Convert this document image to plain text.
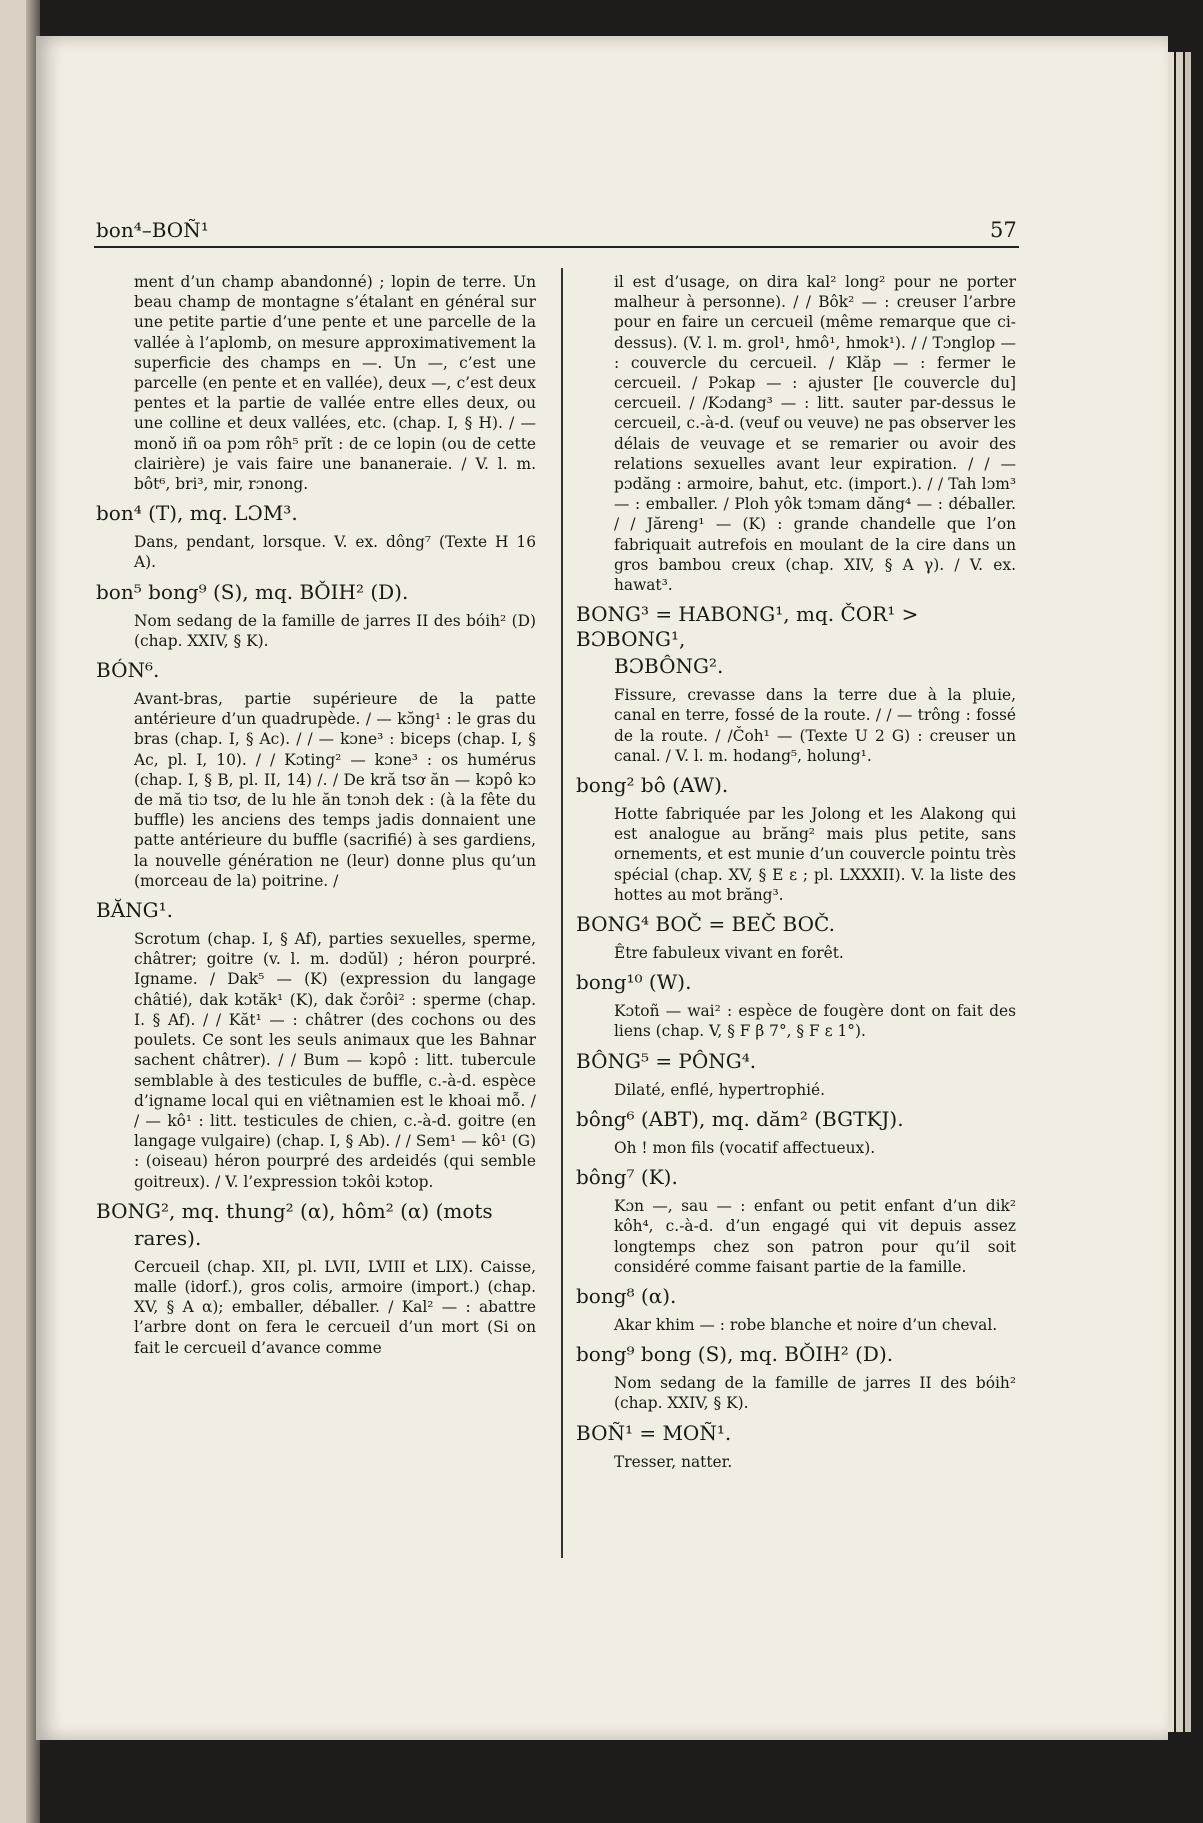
bon⁴–BOÑ¹	57

ment d’un champ abandonné) ; lopin de terre. Un beau champ de montagne s’étalant en général sur une petite partie d’une pente et une parcelle de la vallée à l’aplomb, on mesure approximativement la superficie des champs en —. Un —, c’est une parcelle (en pente et en vallée), deux —, c’est deux pentes et la partie de vallée entre elles deux, ou une colline et deux vallées, etc. (chap. I, § H). / — monǒ iñ oa pɔm rôh⁵ prĭt : de ce lopin (ou de cette clairière) je vais faire une bananeraie. / V. l. m. bôt⁶, bri³, mir, rɔnong.

bon⁴ (T), mq. LƆM³.

Dans, pendant, lorsque. V. ex. dông⁷ (Texte H 16 A).

bon⁵ bong⁹ (S), mq. BǑIH² (D).

Nom sedang de la famille de jarres II des bóih² (D) (chap. XXIV, § K).

BÓN⁶.

Avant-bras, partie supérieure de la patte antérieure d’un quadrupède. / — kɔ̆ng¹ : le gras du bras (chap. I, § Ac). / / — kɔne³ : biceps (chap. I, § Ac, pl. I, 10). / / Kɔting² — kɔne³ : os humérus (chap. I, § B, pl. II, 14) /. / De kră tsơ ăn — kɔpô kɔ de mă tiɔ tsơ, de lu hle ăn tɔnɔh dek : (à la fête du buffle) les anciens des temps jadis donnaient une patte antérieure du buffle (sacrifié) à ses gardiens, la nouvelle génération ne (leur) donne plus qu’un (morceau de la) poitrine. /

BĂNG¹.

Scrotum (chap. I, § Af), parties sexuelles, sperme, châtrer; goitre (v. l. m. dɔdŭl) ; héron pourpré. Igname. / Dak⁵ — (K) (expression du langage châtié), dak kɔtăk¹ (K), dak čɔrôi² : sperme (chap. I. § Af). / / Kăt¹ — : châtrer (des cochons ou des poulets. Ce sont les seuls animaux que les Bahnar sachent châtrer). / / Bum — kɔpô : litt. tubercule semblable à des testicules de buffle, c.-à-d. espèce d’igname local qui en viêtnamien est le khoai mỗ. / / — kô¹ : litt. testicules de chien, c.-à-d. goitre (en langage vulgaire) (chap. I, § Ab). / / Sem¹ — kô¹ (G) : (oiseau) héron pourpré des ardeidés (qui semble goitreux). / V. l’expression tɔkôi kɔtop.

BONG², mq. thung² (α), hôm² (α) (mots

rares).

Cercueil (chap. XII, pl. LVII, LVIII et LIX). Caisse, malle (idorf.), gros colis, armoire (import.) (chap. XV, § A α); emballer, déballer. / Kal² — : abattre l’arbre dont on fera le cercueil d’un mort (Si on fait le cercueil d’avance comme

il est d’usage, on dira kal² long² pour ne porter malheur à personne). / / Bôk² — : creuser l’arbre pour en faire un cercueil (même remarque que ci-dessus). (V. l. m. grol¹, hmô¹, hmok¹). / / Tɔnglop — : couvercle du cercueil. / Klăp — : fermer le cercueil. / Pɔkap — : ajuster [le couvercle du] cercueil. / /Kɔdang³ — : litt. sauter par-dessus le cercueil, c.-à-d. (veuf ou veuve) ne pas observer les délais de veuvage et se remarier ou avoir des relations sexuelles avant leur expiration. / / — pɔdăng : armoire, bahut, etc. (import.). / / Tah lɔm³ — : emballer. / Ploh yôk tɔmam dăng⁴ — : déballer. / / Jăreng¹ — (K) : grande chandelle que l’on fabriquait autrefois en moulant de la cire dans un gros bambou creux (chap. XIV, § A γ). / V. ex. hawat³.

BONG³ = HABONG¹, mq. ČOR¹ > BƆBONG¹,

BƆBÔNG².

Fissure, crevasse dans la terre due à la pluie, canal en terre, fossé de la route. / / — trông : fossé de la route. / /Čoh¹ — (Texte U 2 G) : creuser un canal. / V. l. m. hodang⁵, holung¹.

bong² bô (AW).

Hotte fabriquée par les Jolong et les Alakong qui est analogue au brăng² mais plus petite, sans ornements, et est munie d’un couvercle pointu très spécial (chap. XV, § E ε ; pl. LXXXII). V. la liste des hottes au mot brăng³.

BONG⁴ BOČ = BEČ BOČ.

Être fabuleux vivant en forêt.

bong¹⁰ (W).

Kɔtoñ — wai² : espèce de fougère dont on fait des liens (chap. V, § F β 7°, § F ε 1°).

BÔNG⁵ = PÔNG⁴.

Dilaté, enflé, hypertrophié.

bông⁶ (ABT), mq. dăm² (BGTKJ).

Oh ! mon fils (vocatif affectueux).

bông⁷ (K).

Kɔn —, sau — : enfant ou petit enfant d’un dik² kôh⁴, c.-à-d. d’un engagé qui vit depuis assez longtemps chez son patron pour qu’il soit considéré comme faisant partie de la famille.

bong⁸ (α).

Akar khim — : robe blanche et noire d’un cheval.

bong⁹ bong (S), mq. BǑIH² (D).

Nom sedang de la famille de jarres II des bóih² (chap. XXIV, § K).

BOÑ¹ = MOÑ¹.

Tresser, natter.
